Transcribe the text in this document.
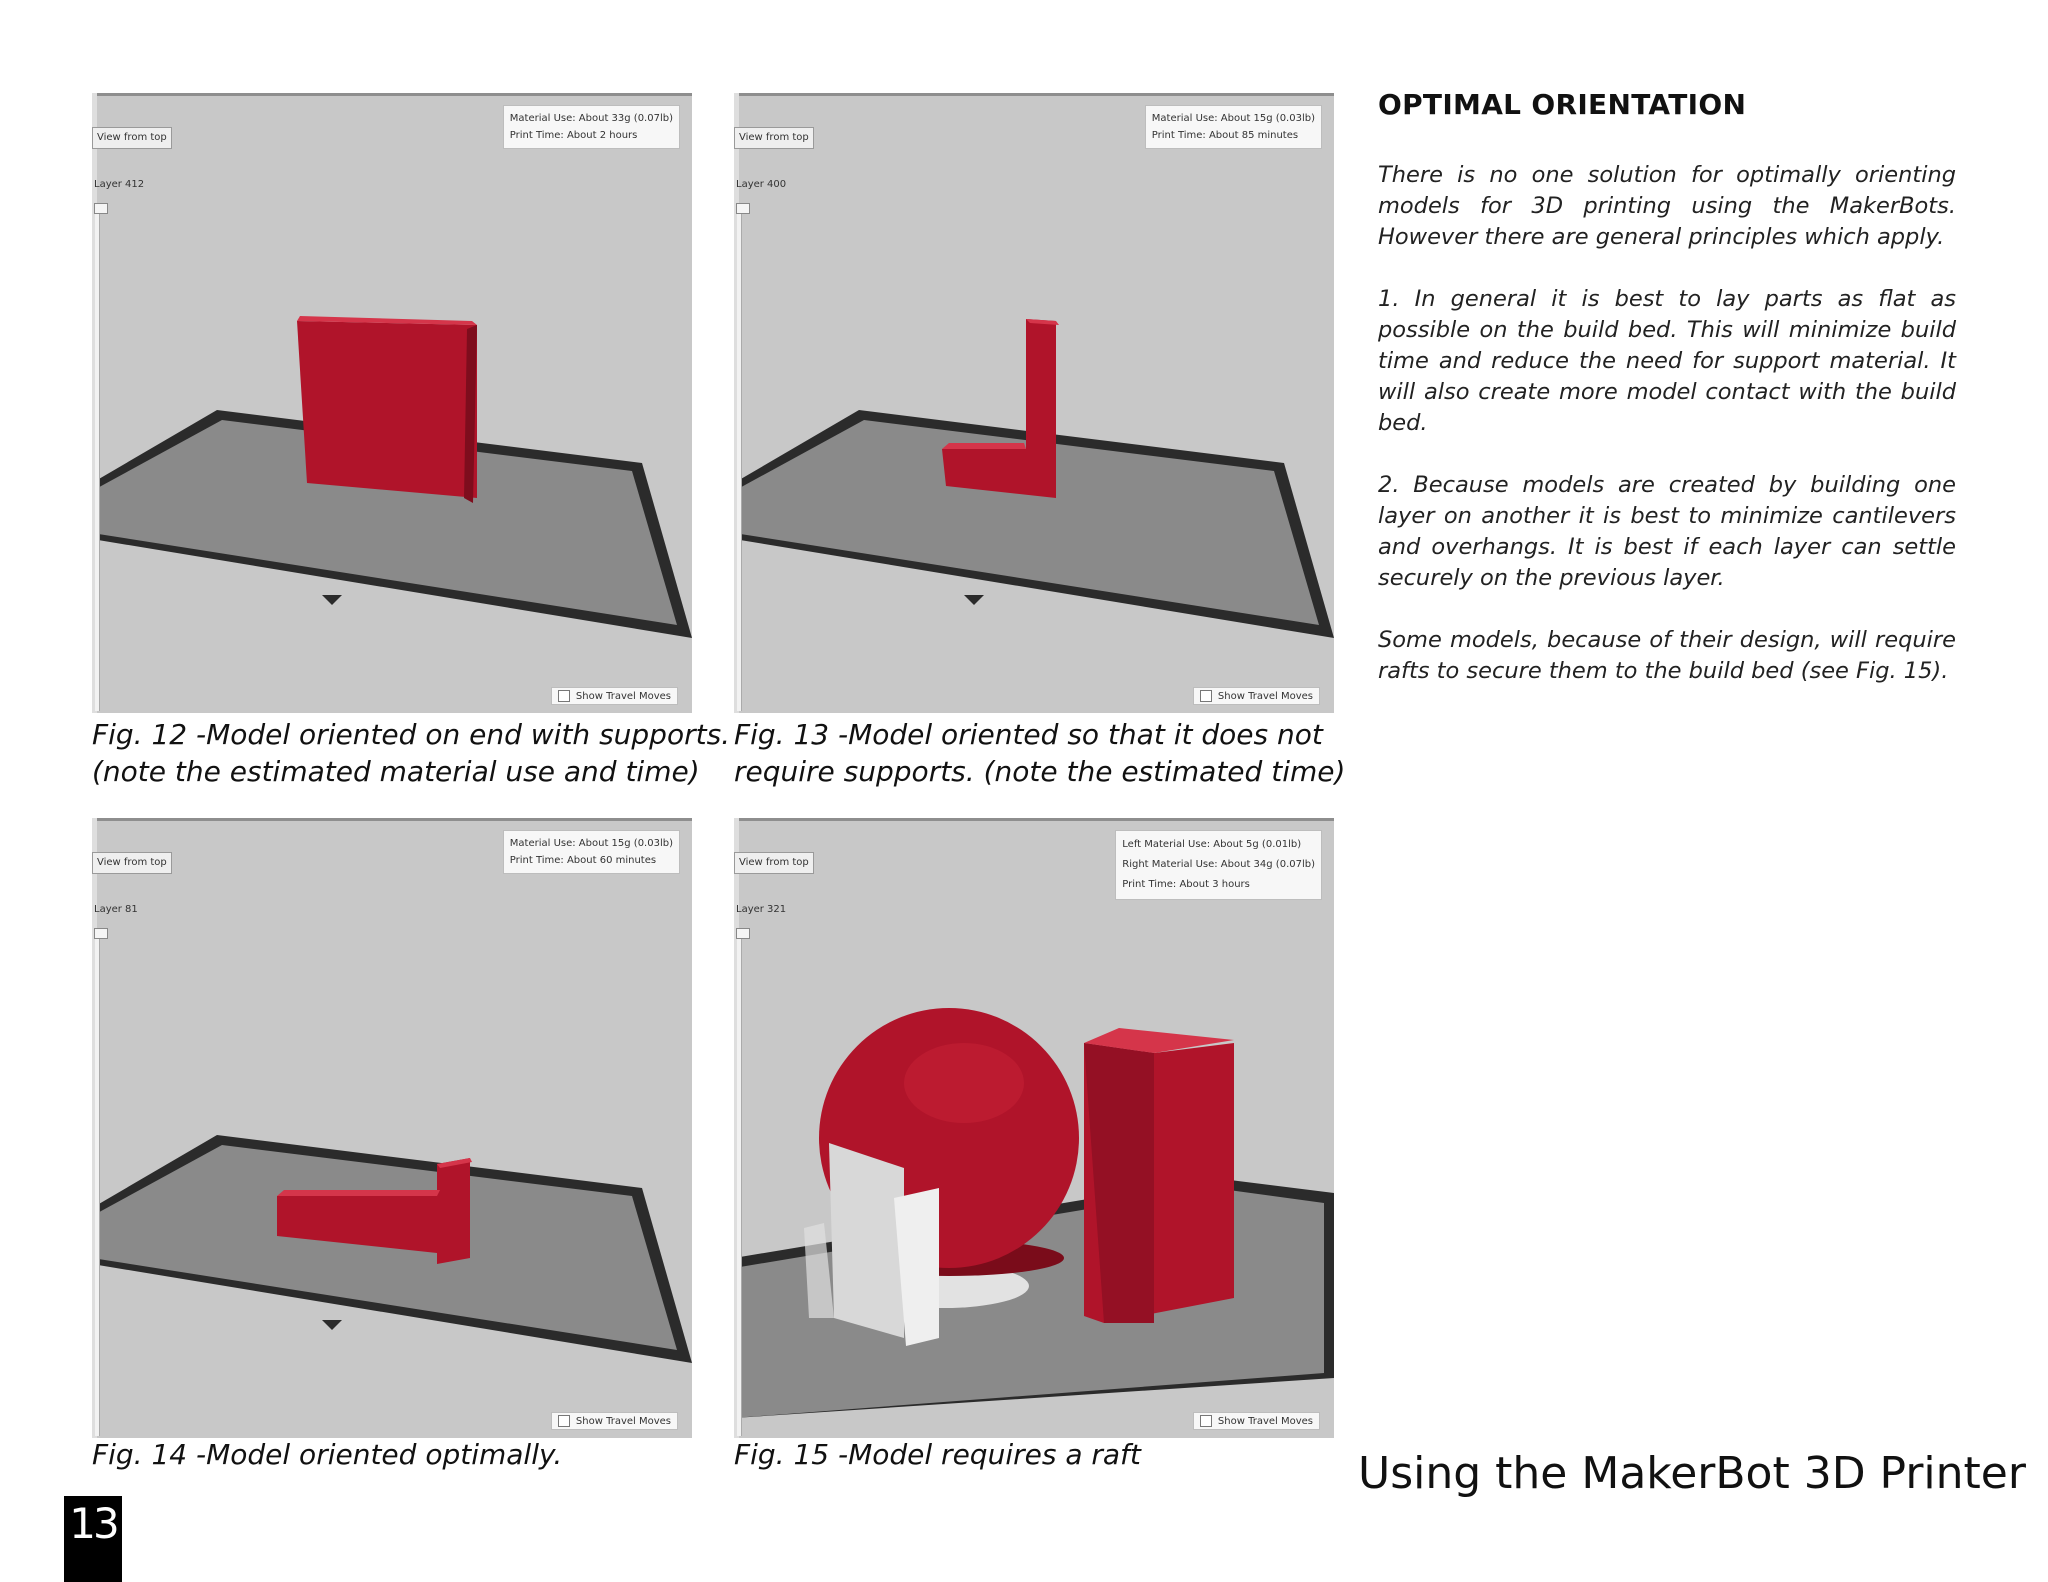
View from top
Layer 412
Material Use: About 33g (0.07lb)
Print Time: About 2 hours
Show Travel Moves
Fig. 12 -Model oriented on end with supports.
(note the estimated material use and time)
View from top
Layer 400
Material Use: About 15g (0.03lb)
Print Time: About 85 minutes
Show Travel Moves
Fig. 13 -Model oriented so that it does not
require supports. (note the estimated time)
View from top
Layer 81
Material Use: About 15g (0.03lb)
Print Time: About 60 minutes
Show Travel Moves
Fig. 14 -Model oriented optimally.
View from top
Layer 321
Left Material Use: About 5g (0.01lb)
Right Material Use: About 34g (0.07lb)
Print Time: About 3 hours
Show Travel Moves
Fig. 15 -Model requires a raft
OPTIMAL ORIENTATION

There is no one solution for optimally orienting models for 3D printing using the MakerBots. However there are general principles which apply.

1. In general it is best to lay parts as flat as possible on the build bed. This will minimize build time and reduce the need for support material. It will also create more model contact with the build bed.

2. Because models are created by building one layer on another it is best to minimize cantilevers and overhangs. It is best if each layer can settle securely on the previous layer.

Some models, because of their design, will require rafts to secure them to the build bed (see Fig. 15).

Using the MakerBot 3D Printer
13
